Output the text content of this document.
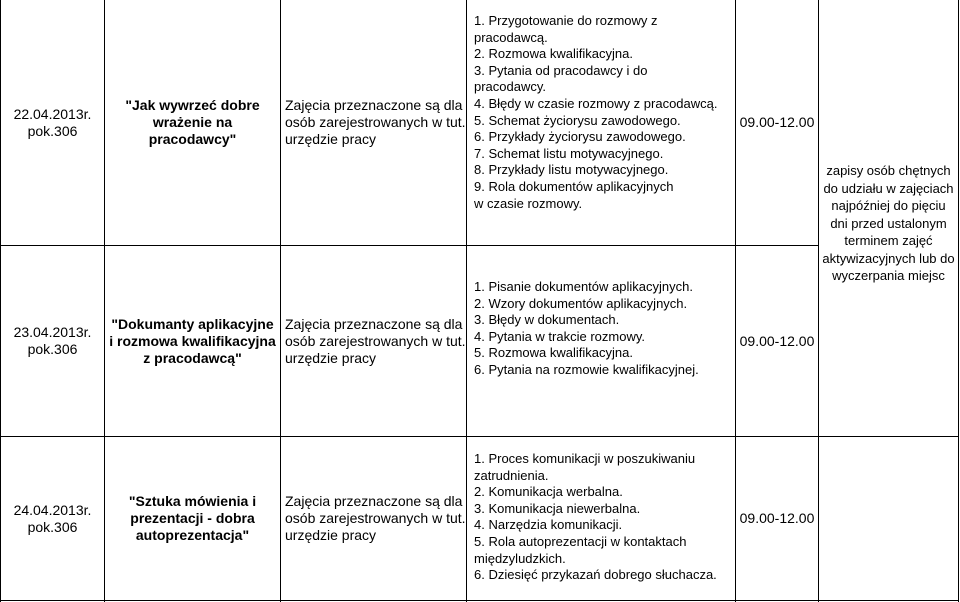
22.04.2013r.
pok.306
"Jak wywrzeć dobre wrażenie na pracodawcy"
Zajęcia przeznaczone są dla osób zarejestrowanych w tut. urzędzie pracy
1. Przygotowanie do rozmowy z
pracodawcą.
2. Rozmowa kwalifikacyjna.
3. Pytania od pracodawcy i do
pracodawcy.
4. Błędy w czasie rozmowy z pracodawcą.
5. Schemat życiorysu zawodowego.
6. Przykłady życiorysu zawodowego.
7. Schemat listu motywacyjnego.
8. Przykłady listu motywacyjnego.
9. Rola dokumentów aplikacyjnych
w czasie rozmowy.
09.00-12.00
23.04.2013r.
pok.306
"Dokumanty aplikacyjne i rozmowa kwalifikacyjna z pracodawcą"
Zajęcia przeznaczone są dla osób zarejestrowanych w tut. urzędzie pracy
1. Pisanie dokumentów aplikacyjnych.
2. Wzory dokumentów aplikacyjnych.
3. Błędy w dokumentach.
4. Pytania w trakcie rozmowy.
5. Rozmowa kwalifikacyjna.
6. Pytania na rozmowie kwalifikacyjnej.
09.00-12.00
24.04.2013r.
pok.306
"Sztuka mówienia i prezentacji - dobra autoprezentacja"
Zajęcia przeznaczone są dla osób zarejestrowanych w tut. urzędzie pracy
1. Proces komunikacji w poszukiwaniu
zatrudnienia.
2. Komunikacja werbalna.
3. Komunikacja niewerbalna.
4. Narzędzia komunikacji.
5. Rola autoprezentacji w kontaktach
międzyludzkich.
6. Dziesięć przykazań dobrego słuchacza.
09.00-12.00
zapisy osób chętnych
do udziału w zajęciach
najpóźniej do pięciu
dni przed ustalonym
terminem zajęć
aktywizacyjnych lub do
wyczerpania miejsc
